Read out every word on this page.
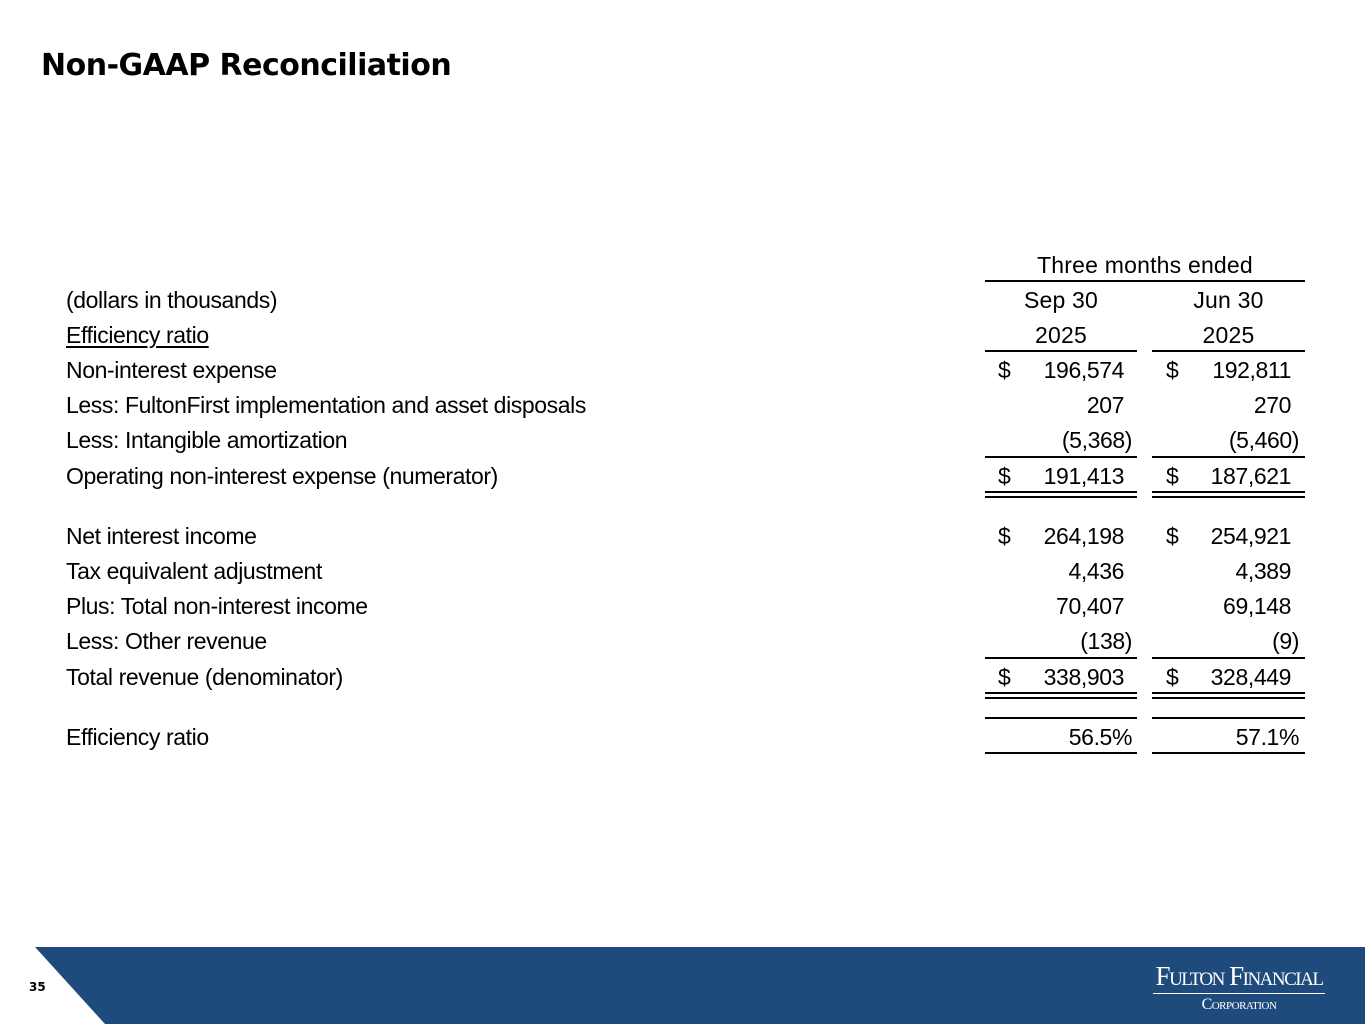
Non-GAAP Reconciliation
Three months ended
(dollars in thousands)	Sep 30	Jun 30
Efficiency ratio	2025	2025
Non-interest expense	$ 196,574 $ 192,811
Less: FultonFirst implementation and asset disposals	207	270
Less: Intangible amortization	(5,368)	(5,460)
Operating non-interest expense (numerator)	$ 191,413 $ 187,621
Net interest income	$ 264,198 $ 254,921
Tax equivalent adjustment	4,436	4,389
Plus: Total non-interest income	70,407	69,148
Less: Other revenue	(138)	(9)
Total revenue (denominator)	$ 338,903 $ 328,449
Efficiency ratio	56.5%	57.1%
35	Fulton Financial
Corporation
